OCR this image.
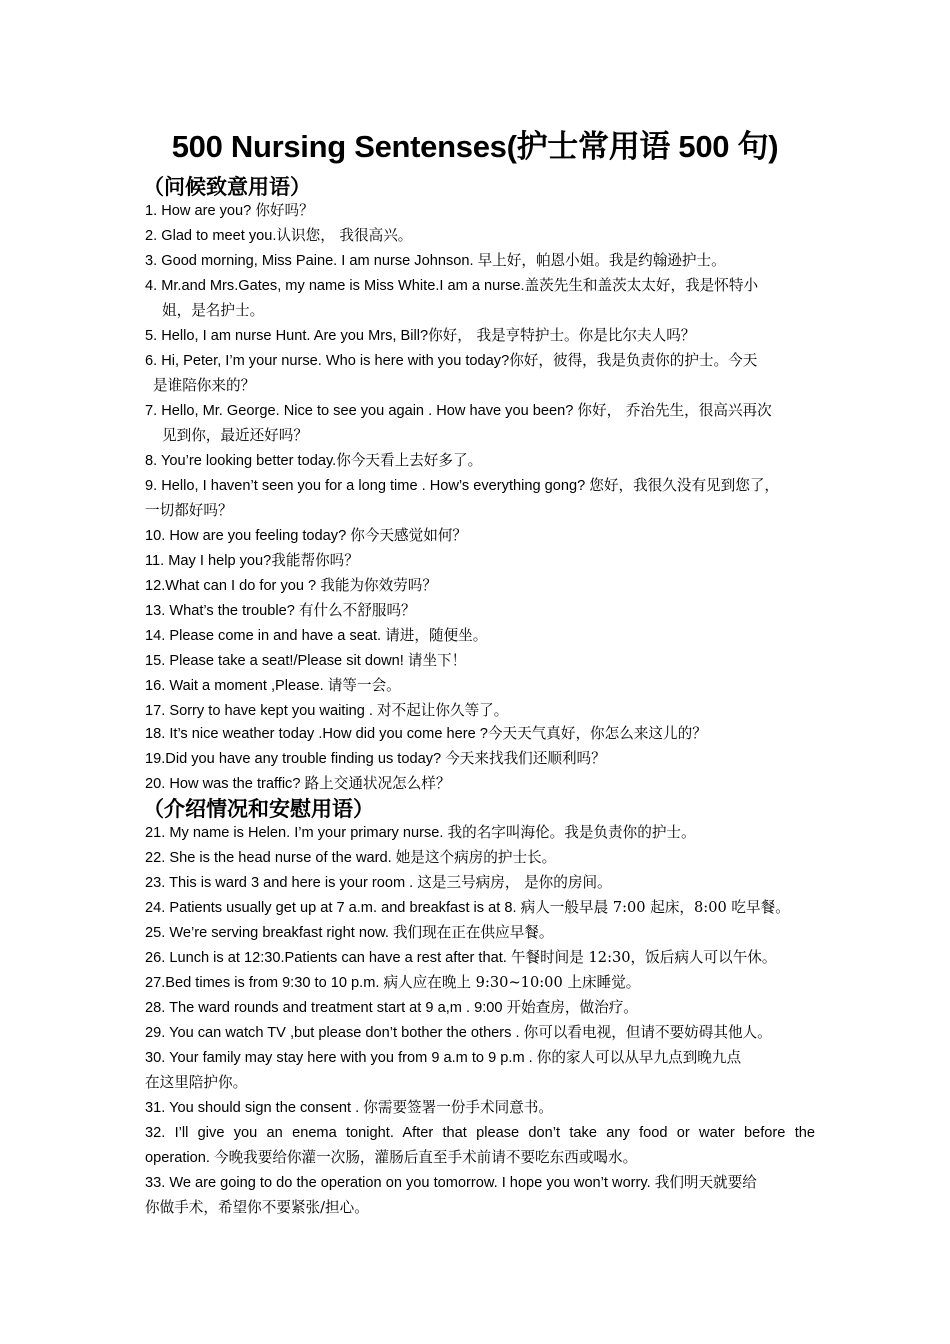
500 Nursing Sentenses(护士常用语 500 句)
（问候致意用语）
1. How are you? 你好吗？
2. Glad to meet you.认识您， 我很高兴。
3. Good morning, Miss Paine. I am nurse Johnson. 早上好，帕恩小姐。我是约翰逊护士。
4. Mr.and Mrs.Gates, my name is Miss White.I am a nurse.盖茨先生和盖茨太太好，我是怀特小
姐，是名护士。
5. Hello, I am nurse Hunt. Are you Mrs, Bill?你好， 我是亨特护士。你是比尔夫人吗？
6. Hi, Peter, I’m your nurse. Who is here with you today?你好，彼得，我是负责你的护士。今天
是谁陪你来的？
7. Hello, Mr. George. Nice to see you again . How have you been? 你好， 乔治先生，很高兴再次
见到你，最近还好吗？
8. You’re looking better today.你今天看上去好多了。
9. Hello, I haven’t seen you for a long time . How’s everything gong? 您好，我很久没有见到您了，
一切都好吗？
10. How are you feeling today? 你今天感觉如何？
11. May I help you?我能帮你吗？
12.What can I do for you ? 我能为你效劳吗？
13. What’s the trouble? 有什么不舒服吗？
14. Please come in and have a seat. 请进，随便坐。
15. Please take a seat!/Please sit down! 请坐下！
16. Wait a moment ,Please. 请等一会。
17. Sorry to have kept you waiting . 对不起让你久等了。
18. It’s nice weather today .How did you come here ?今天天气真好，你怎么来这儿的？
19.Did you have any trouble finding us today? 今天来找我们还顺利吗？
20. How was the traffic? 路上交通状况怎么样？
（介绍情况和安慰用语）
21. My name is Helen. I’m your primary nurse. 我的名字叫海伦。我是负责你的护士。
22. She is the head nurse of the ward. 她是这个病房的护士长。
23. This is ward 3 and here is your room . 这是三号病房， 是你的房间。
24. Patients usually get up at 7 a.m. and breakfast is at 8. 病人一般早晨 7:00 起床，8:00 吃早餐。
25. We’re serving breakfast right now. 我们现在正在供应早餐。
26. Lunch is at 12:30.Patients can have a rest after that. 午餐时间是 12:30，饭后病人可以午休。
27.Bed times is from 9:30 to 10 p.m. 病人应在晚上 9:30~10:00 上床睡觉。
28. The ward rounds and treatment start at 9 a,m . 9:00 开始查房，做治疗。
29. You can watch TV ,but please don’t bother the others . 你可以看电视，但请不要妨碍其他人。
30. Your family may stay here with you from 9 a.m to 9 p.m . 你的家人可以从早九点到晚九点
在这里陪护你。
31. You should sign the consent . 你需要签署一份手术同意书。
32. I’ll give you an enema tonight. After that please don’t take any food or water before the
operation. 今晚我要给你灌一次肠，灌肠后直至手术前请不要吃东西或喝水。
33. We are going to do the operation on you tomorrow. I hope you won’t worry. 我们明天就要给
你做手术，希望你不要紧张/担心。
